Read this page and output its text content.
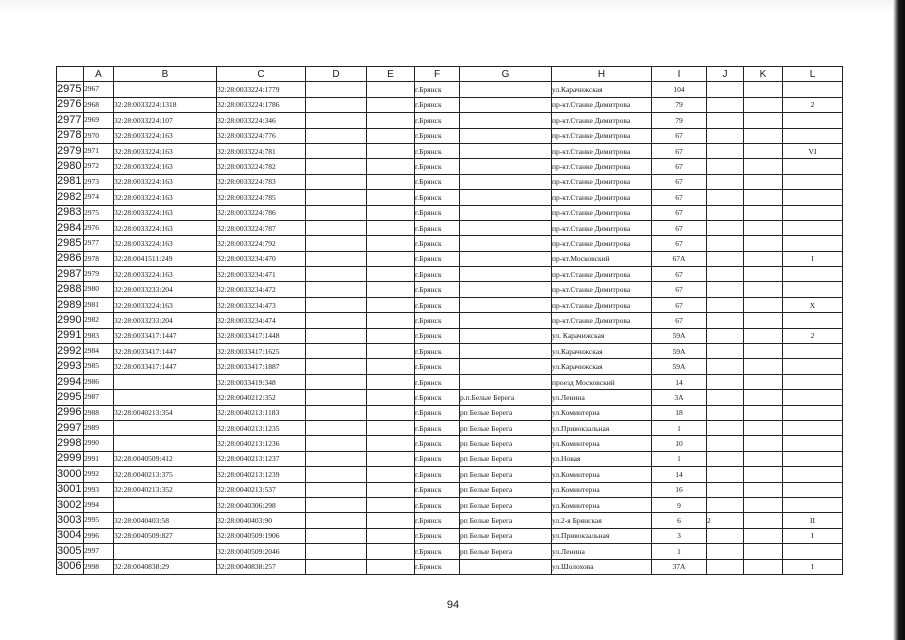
	A	B	C	D	E	F	G	H	I	J	K	L
2975	2967		32:28:0033224:1779			г.Брянск		ул.Карачижская	104			
2976	2968	32:28:0033224:1318	32:28:0033224:1786			г.Брянск		пр-кт.Станке Димитрова	79			2
2977	2969	32:28:0033224:107	32:28:0033224:346			г.Брянск		пр-кт.Станке Димитрова	79			
2978	2970	32:28:0033224:163	32:28:0033224:776			г.Брянск		пр-кт.Станке Димитрова	67			
2979	2971	32:28:0033224:163	32:28:0033224:781			г.Брянск		пр-кт.Станке Димитрова	67			VI
2980	2972	32:28:0033224:163	32:28:0033224:782			г.Брянск		пр-кт.Станке Димитрова	67			
2981	2973	32:28:0033224:163	32:28:0033224:783			г.Брянск		пр-кт.Станке Димитрова	67			
2982	2974	32:28:0033224:163	32:28:0033224:785			г.Брянск		пр-кт.Станке Димитрова	67			
2983	2975	32:28:0033224:163	32:28:0033224:786			г.Брянск		пр-кт.Станке Димитрова	67			
2984	2976	32:28:0033224:163	32:28:0033224:787			г.Брянск		пр-кт.Станке Димитрова	67			
2985	2977	32:28:0033224:163	32:28:0033224:792			г.Брянск		пр-кт.Станке Димитрова	67			
2986	2978	32:28:0041511:249	32:28:0033234:470			г.Брянск		пр-кт.Московский	67А			I
2987	2979	32:28:0033224:163	32:28:0033234:471			г.Брянск		пр-кт.Станке Димитрова	67			
2988	2980	32:28:0033233:204	32:28:0033234:472			г.Брянск		пр-кт.Станке Димитрова	67			
2989	2981	32:28:0033224:163	32:28:0033234:473			г.Брянск		пр-кт.Станке Димитрова	67			X
2990	2982	32:28:0033233:204	32:28:0033234:474			г.Брянск		пр-кт.Станке Димитрова	67			
2991	2983	32:28:0033417:1447	32:28:0033417:1448			г.Брянск		ул. Карачижская	59А			2
2992	2984	32:28:0033417:1447	32:28:0033417:1625			г.Брянск		ул.Карачижская	59А			
2993	2985	32:28:0033417:1447	32:28:0033417:1887			г.Брянск		ул.Карачижская	59А			
2994	2986		32:28:0033419:348			г.Брянск		проезд Московский	14			
2995	2987		32:28:0040212:352			г.Брянск	р.п.Белые Берега	ул.Ленина	3А			
2996	2988	32:28:0040213:354	32:28:0040213:1183			г.Брянск	рп Белые Берега	ул.Коминтерна	18			
2997	2989		32:28:0040213:1235			г.Брянск	рп Белые Берега	ул.Привокзальная	1			
2998	2990		32:28:0040213:1236			г.Брянск	рп Белые Берега	ул.Коминтерна	10			
2999	2991	32:28:0040509:412	32:28:0040213:1237			г.Брянск	рп Белые Берега	ул.Новая	1			
3000	2992	32:28:0040213:375	32:28:0040213:1239			г.Брянск	рп Белые Берега	ул.Коминтерна	14			
3001	2993	32:28:0040213:352	32:28:0040213:537			г.Брянск	рп Белые Берега	ул.Коминтерна	16			
3002	2994		32:28:0040306:298			г.Брянск	рп Белые Берега	ул.Коминтерна	9			
3003	2995	32:28:0040403:58	32:28:0040403:90			г.Брянск	рп Белые Берега	ул.2-я Брянская	6	2		II
3004	2996	32:28:0040509:827	32:28:0040509:1906			г.Брянск	рп Белые Берега	ул.Привокзальная	3			I
3005	2997		32:28:0040509:2046			г.Брянск	рп Белые Берега	ул.Ленина	1			
3006	2998	32:28:0040838:29	32:28:0040838:257			г.Брянск		ул.Шолохова	37А			I
94
